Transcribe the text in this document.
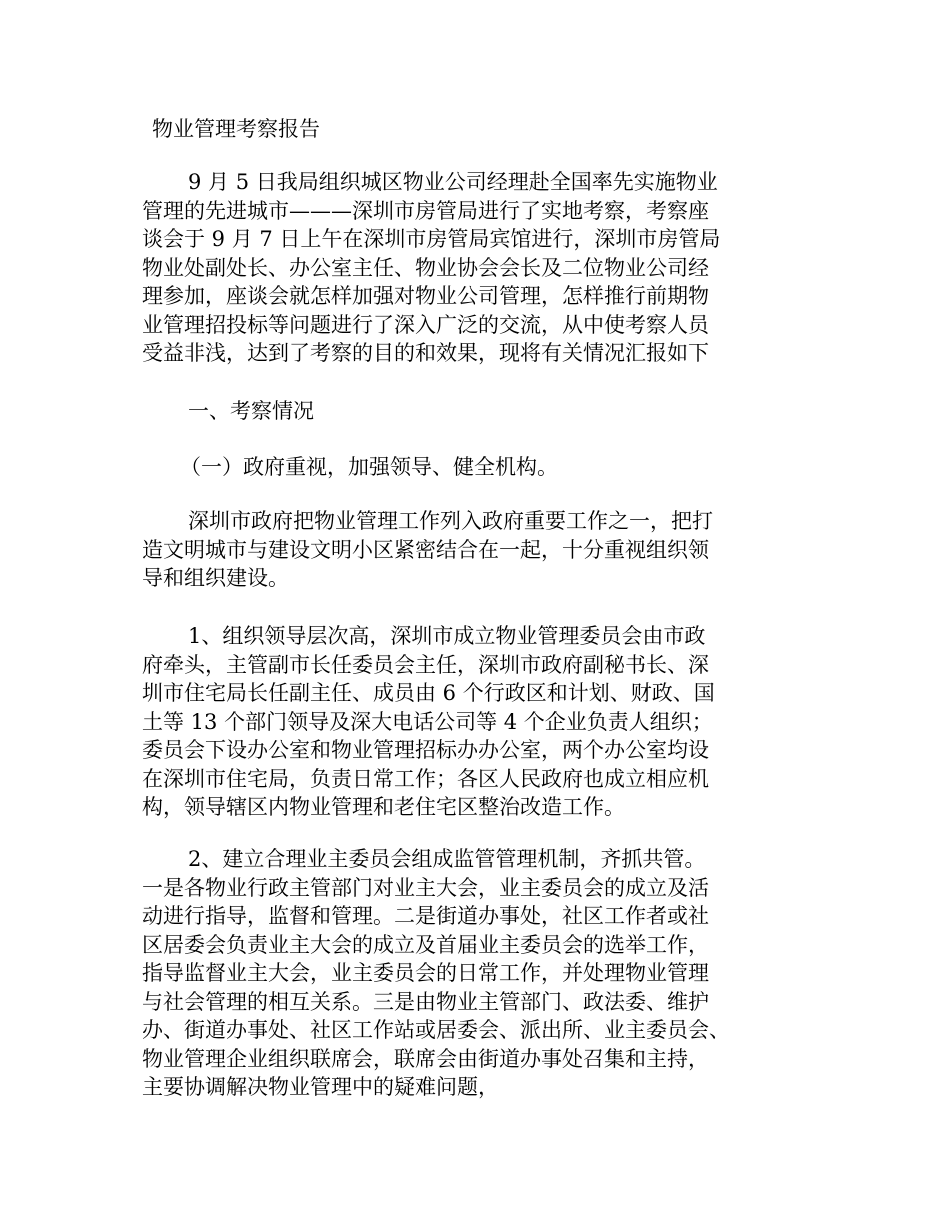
物业管理考察报告

9 月 5 日我局组织城区物业公司经理赴全国率先实施物业
管理的先进城市———深圳市房管局进行了实地考察，考察座
谈会于 9 月 7 日上午在深圳市房管局宾馆进行，深圳市房管局
物业处副处长、办公室主任、物业协会会长及二位物业公司经
理参加，座谈会就怎样加强对物业公司管理，怎样推行前期物
业管理招投标等问题进行了深入广泛的交流，从中使考察人员
受益非浅，达到了考察的目的和效果，现将有关情况汇报如下

一、考察情况
（一）政府重视，加强领导、健全机构。

深圳市政府把物业管理工作列入政府重要工作之一，把打
造文明城市与建设文明小区紧密结合在一起，十分重视组织领
导和组织建设。

1、组织领导层次高，深圳市成立物业管理委员会由市政
府牵头，主管副市长任委员会主任，深圳市政府副秘书长、深
圳市住宅局长任副主任、成员由 6 个行政区和计划、财政、国
土等 13 个部门领导及深大电话公司等 4 个企业负责人组织；
委员会下设办公室和物业管理招标办办公室，两个办公室均设
在深圳市住宅局，负责日常工作；各区人民政府也成立相应机
构，领导辖区内物业管理和老住宅区整治改造工作。

2、建立合理业主委员会组成监管管理机制，齐抓共管。
一是各物业行政主管部门对业主大会，业主委员会的成立及活
动进行指导，监督和管理。二是街道办事处，社区工作者或社
区居委会负责业主大会的成立及首届业主委员会的选举工作，
指导监督业主大会，业主委员会的日常工作，并处理物业管理
与社会管理的相互关系。三是由物业主管部门、政法委、维护
办、街道办事处、社区工作站或居委会、派出所、业主委员会、
物业管理企业组织联席会，联席会由街道办事处召集和主持，
主要协调解决物业管理中的疑难问题，
